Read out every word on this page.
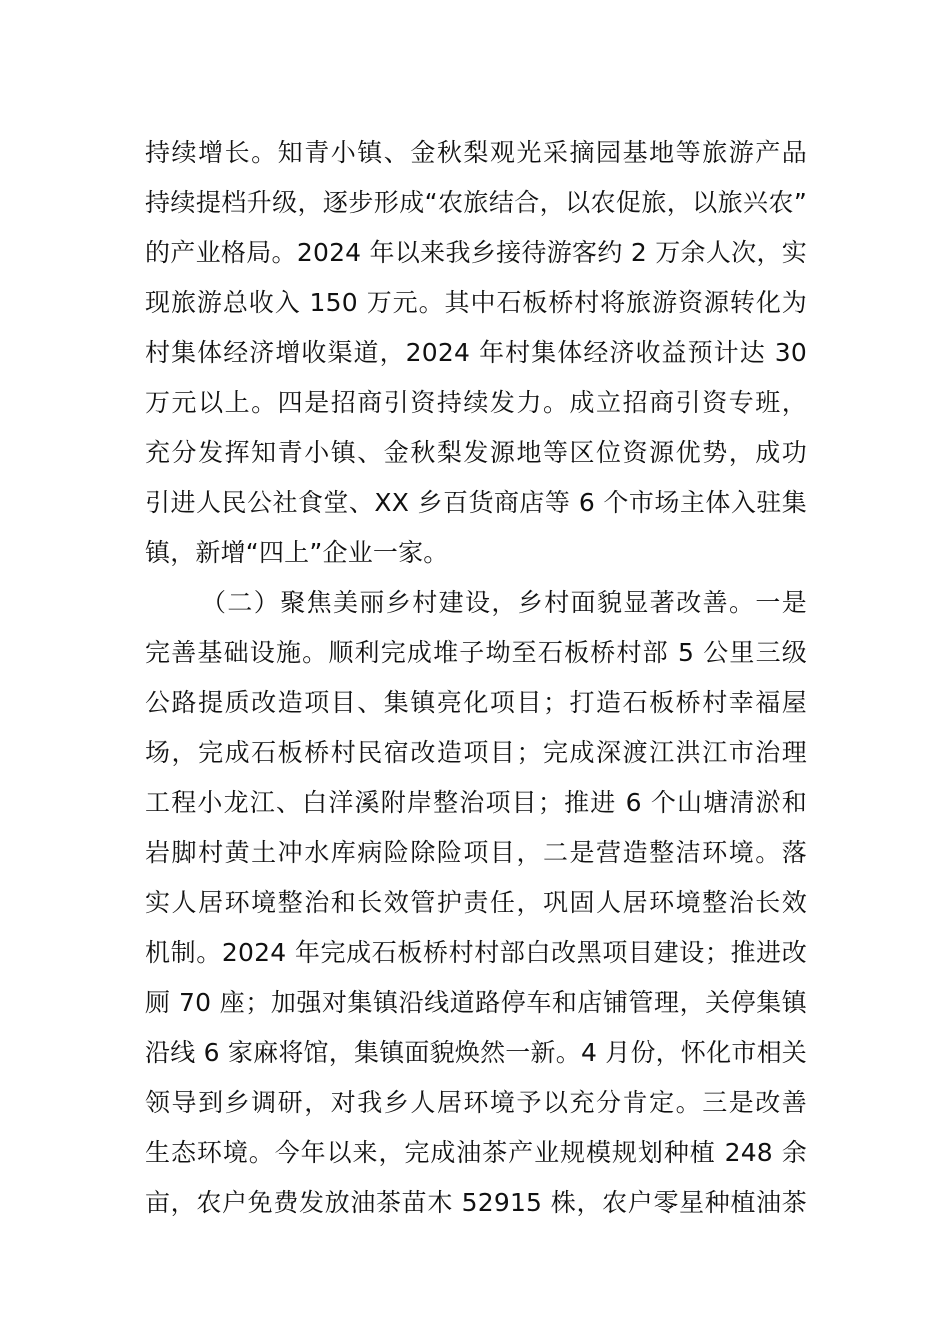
持续增长。知青小镇、金秋梨观光采摘园基地等旅游产品
持续提档升级，逐步形成“农旅结合，以农促旅，以旅兴农”
的产业格局。2024 年以来我乡接待游客约 2 万余人次，实
现旅游总收入 150 万元。其中石板桥村将旅游资源转化为
村集体经济增收渠道，2024 年村集体经济收益预计达 30
万元以上。四是招商引资持续发力。成立招商引资专班，
充分发挥知青小镇、金秋梨发源地等区位资源优势，成功
引进人民公社食堂、XX 乡百货商店等 6 个市场主体入驻集
镇，新增“四上”企业一家。
（二）聚焦美丽乡村建设，乡村面貌显著改善。一是
完善基础设施。顺利完成堆子坳至石板桥村部 5 公里三级
公路提质改造项目、集镇亮化项目；打造石板桥村幸福屋
场，完成石板桥村民宿改造项目；完成深渡江洪江市治理
工程小龙江、白洋溪附岸整治项目；推进 6 个山塘清淤和
岩脚村黄土冲水库病险除险项目，二是营造整洁环境。落
实人居环境整治和长效管护责任，巩固人居环境整治长效
机制。2024 年完成石板桥村村部白改黑项目建设；推进改
厕 70 座；加强对集镇沿线道路停车和店铺管理，关停集镇
沿线 6 家麻将馆，集镇面貌焕然一新。4 月份，怀化市相关
领导到乡调研，对我乡人居环境予以充分肯定。三是改善
生态环境。今年以来，完成油茶产业规模规划种植 248 余
亩，农户免费发放油茶苗木 52915 株，农户零星种植油茶
